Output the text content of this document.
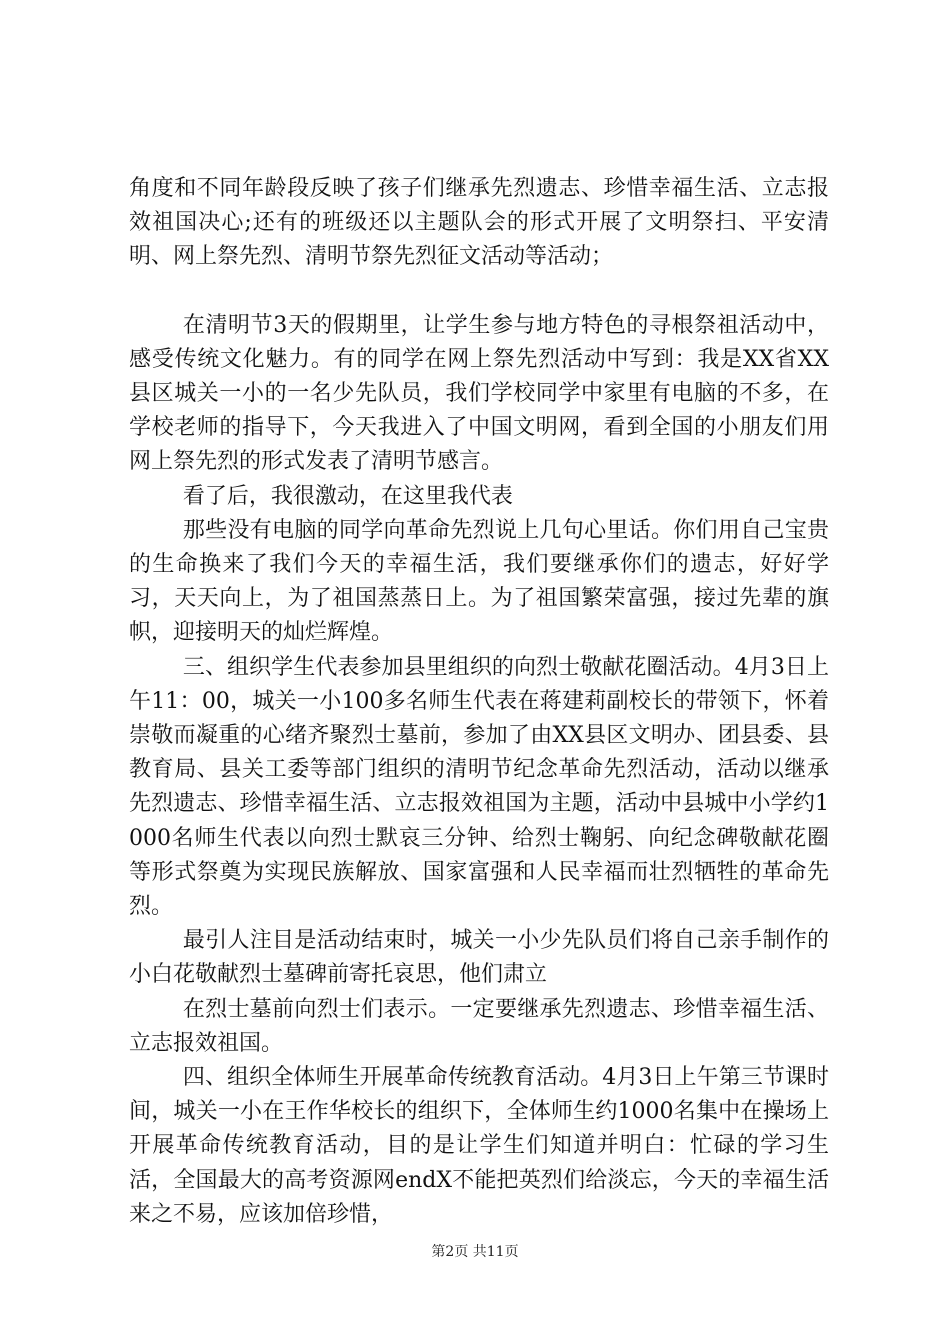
角度和不同年龄段反映了孩子们继承先烈遗志、珍惜幸福生活、立志报效祖国决心;还有的班级还以主题队会的形式开展了文明祭扫、平安清明、网上祭先烈、清明节祭先烈征文活动等活动；

在清明节3天的假期里，让学生参与地方特色的寻根祭祖活动中，感受传统文化魅力。有的同学在网上祭先烈活动中写到：我是XX省XX县区城关一小的一名少先队员，我们学校同学中家里有电脑的不多，在学校老师的指导下，今天我进入了中国文明网，看到全国的小朋友们用网上祭先烈的形式发表了清明节感言。

看了后，我很激动，在这里我代表

那些没有电脑的同学向革命先烈说上几句心里话。你们用自己宝贵的生命换来了我们今天的幸福生活，我们要继承你们的遗志，好好学习，天天向上，为了祖国蒸蒸日上。为了祖国繁荣富强，接过先辈的旗帜，迎接明天的灿烂辉煌。

三、组织学生代表参加县里组织的向烈士敬献花圈活动。4月3日上午11：00，城关一小100多名师生代表在蒋建莉副校长的带领下，怀着崇敬而凝重的心绪齐聚烈士墓前，参加了由XX县区文明办、团县委、县教育局、县关工委等部门组织的清明节纪念革命先烈活动，活动以继承先烈遗志、珍惜幸福生活、立志报效祖国为主题，活动中县城中小学约1000名师生代表以向烈士默哀三分钟、给烈士鞠躬、向纪念碑敬献花圈等形式祭奠为实现民族解放、国家富强和人民幸福而壮烈牺牲的革命先烈。

最引人注目是活动结束时，城关一小少先队员们将自己亲手制作的小白花敬献烈士墓碑前寄托哀思，他们肃立

在烈士墓前向烈士们表示。一定要继承先烈遗志、珍惜幸福生活、立志报效祖国。

四、组织全体师生开展革命传统教育活动。4月3日上午第三节课时间，城关一小在王作华校长的组织下，全体师生约1000名集中在操场上开展革命传统教育活动，目的是让学生们知道并明白：忙碌的学习生活，全国最大的高考资源网endX不能把英烈们给淡忘，今天的幸福生活来之不易，应该加倍珍惜，

第2页 共11页
